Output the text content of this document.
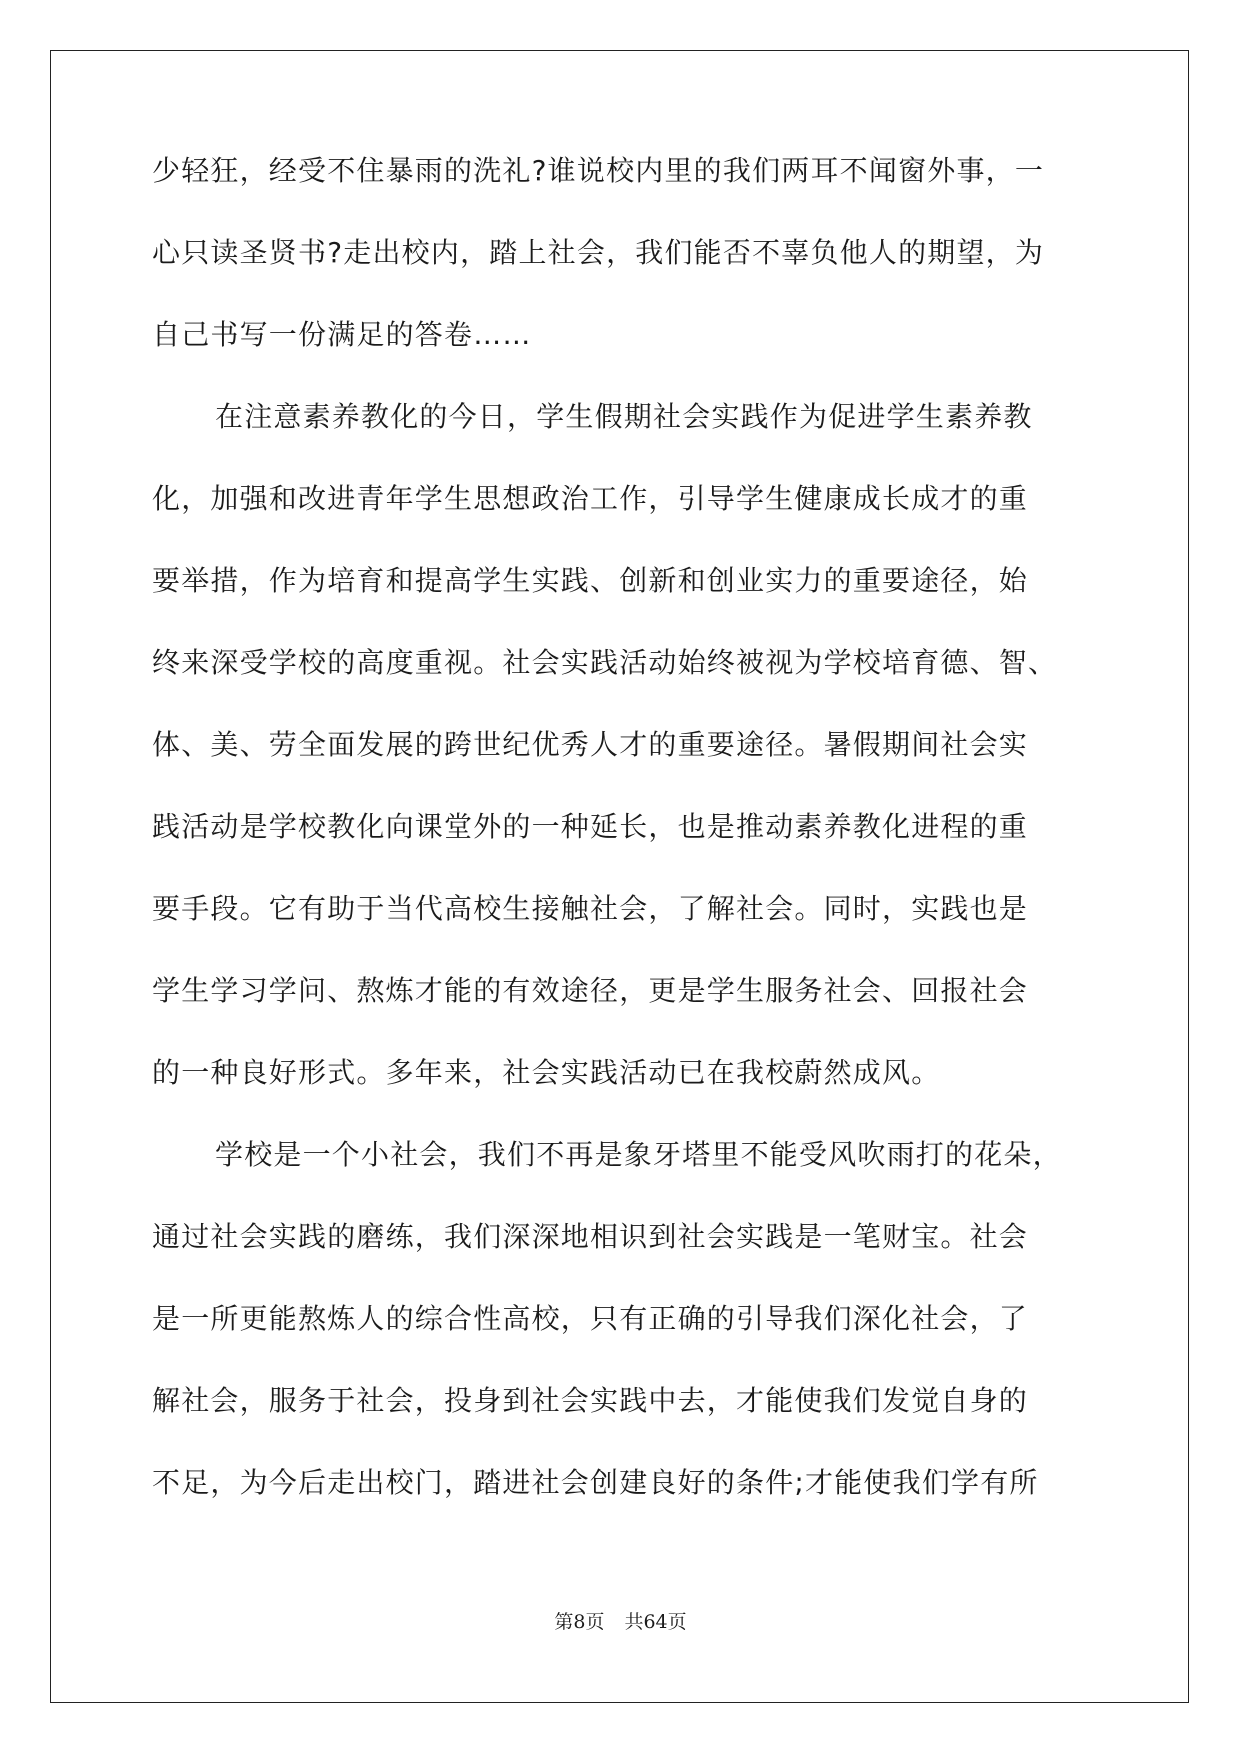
少轻狂，经受不住暴雨的洗礼?谁说校内里的我们两耳不闻窗外事，一
心只读圣贤书?走出校内，踏上社会，我们能否不辜负他人的期望，为
自己书写一份满足的答卷……
在注意素养教化的今日，学生假期社会实践作为促进学生素养教
化，加强和改进青年学生思想政治工作，引导学生健康成长成才的重
要举措，作为培育和提高学生实践、创新和创业实力的重要途径，始
终来深受学校的高度重视。社会实践活动始终被视为学校培育德、智、
体、美、劳全面发展的跨世纪优秀人才的重要途径。暑假期间社会实
践活动是学校教化向课堂外的一种延长，也是推动素养教化进程的重
要手段。它有助于当代高校生接触社会，了解社会。同时，实践也是
学生学习学问、熬炼才能的有效途径，更是学生服务社会、回报社会
的一种良好形式。多年来，社会实践活动已在我校蔚然成风。
学校是一个小社会，我们不再是象牙塔里不能受风吹雨打的花朵，
通过社会实践的磨练，我们深深地相识到社会实践是一笔财宝。社会
是一所更能熬炼人的综合性高校，只有正确的引导我们深化社会，了
解社会，服务于社会，投身到社会实践中去，才能使我们发觉自身的
不足，为今后走出校门，踏进社会创建良好的条件;才能使我们学有所
第8页 共64页
